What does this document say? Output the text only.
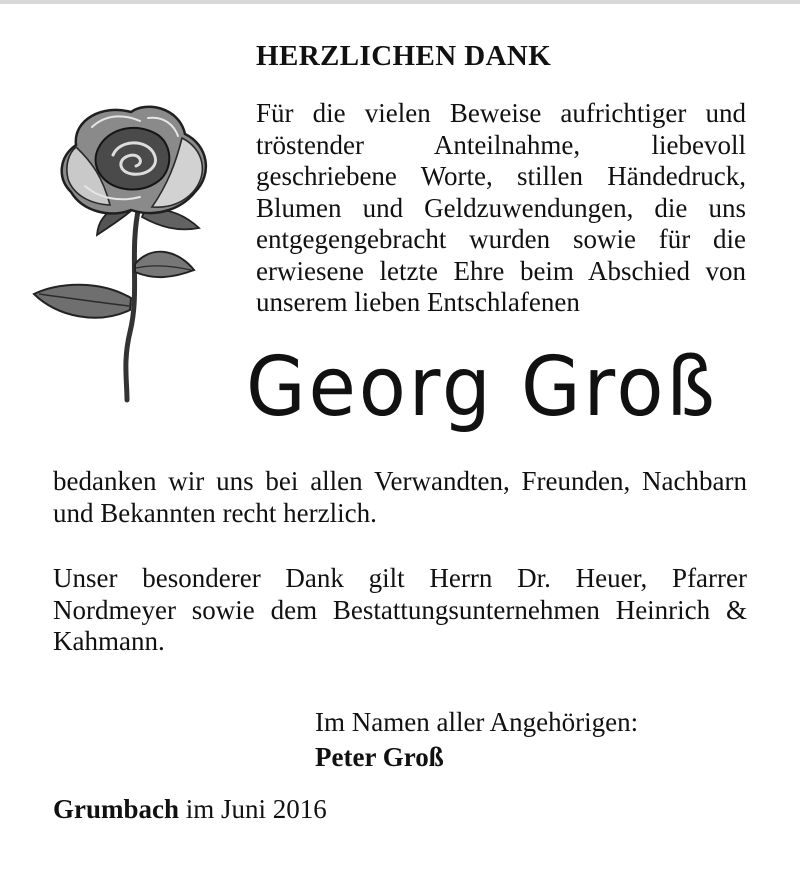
HERZLICHEN DANK

Für die vielen Beweise aufrichtiger und tröstender Anteilnahme, liebevoll geschriebene Worte, stillen Händedruck, Blumen und Geldzuwendungen, die uns entgegengebracht wurden sowie für die erwiesene letzte Ehre beim Abschied von unserem lieben Entschlafenen

Georg Groß

bedanken wir uns bei allen Verwandten, Freunden, Nachbarn und Bekannten recht herzlich.

Unser besonderer Dank gilt Herrn Dr. Heuer, Pfarrer Nordmeyer sowie dem Bestattungsunternehmen Heinrich & Kahmann.

Im Namen aller Angehörigen:
Peter Groß
Grumbach im Juni 2016
